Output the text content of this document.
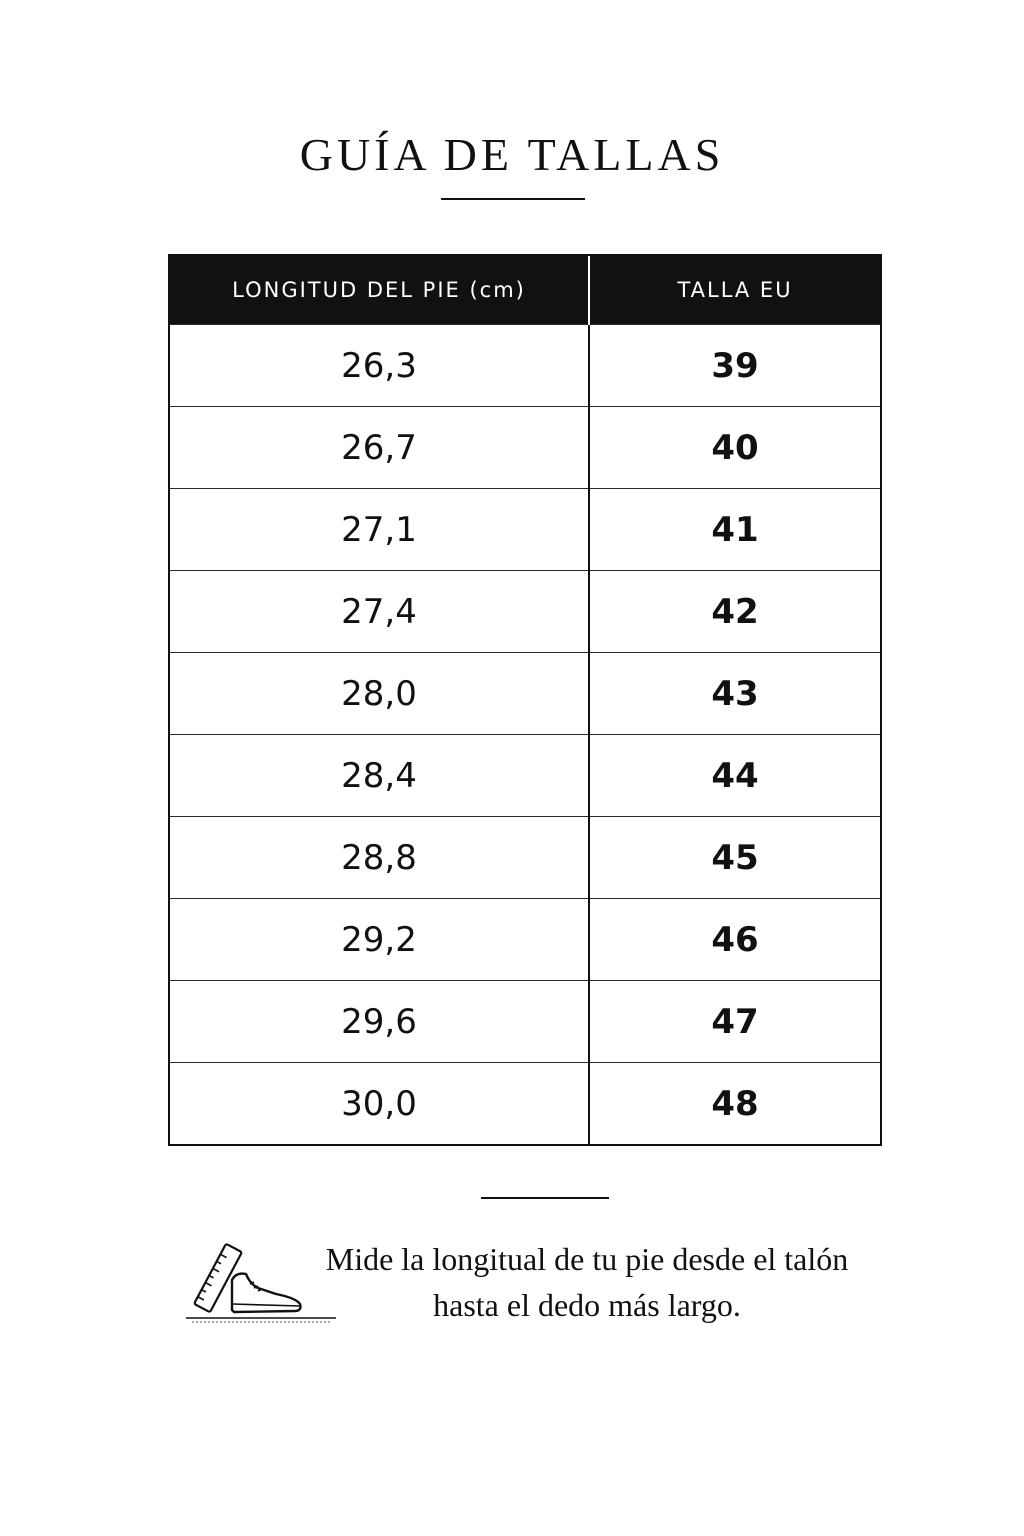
GUÍA DE TALLAS
LONGITUD DEL PIE (cm)	TALLA EU
26,3	39
26,7	40
27,1	41
27,4	42
28,0	43
28,4	44
28,8	45
29,2	46
29,6	47
30,0	48
Mide la longitual de tu pie desde el talón
hasta el dedo más largo.
